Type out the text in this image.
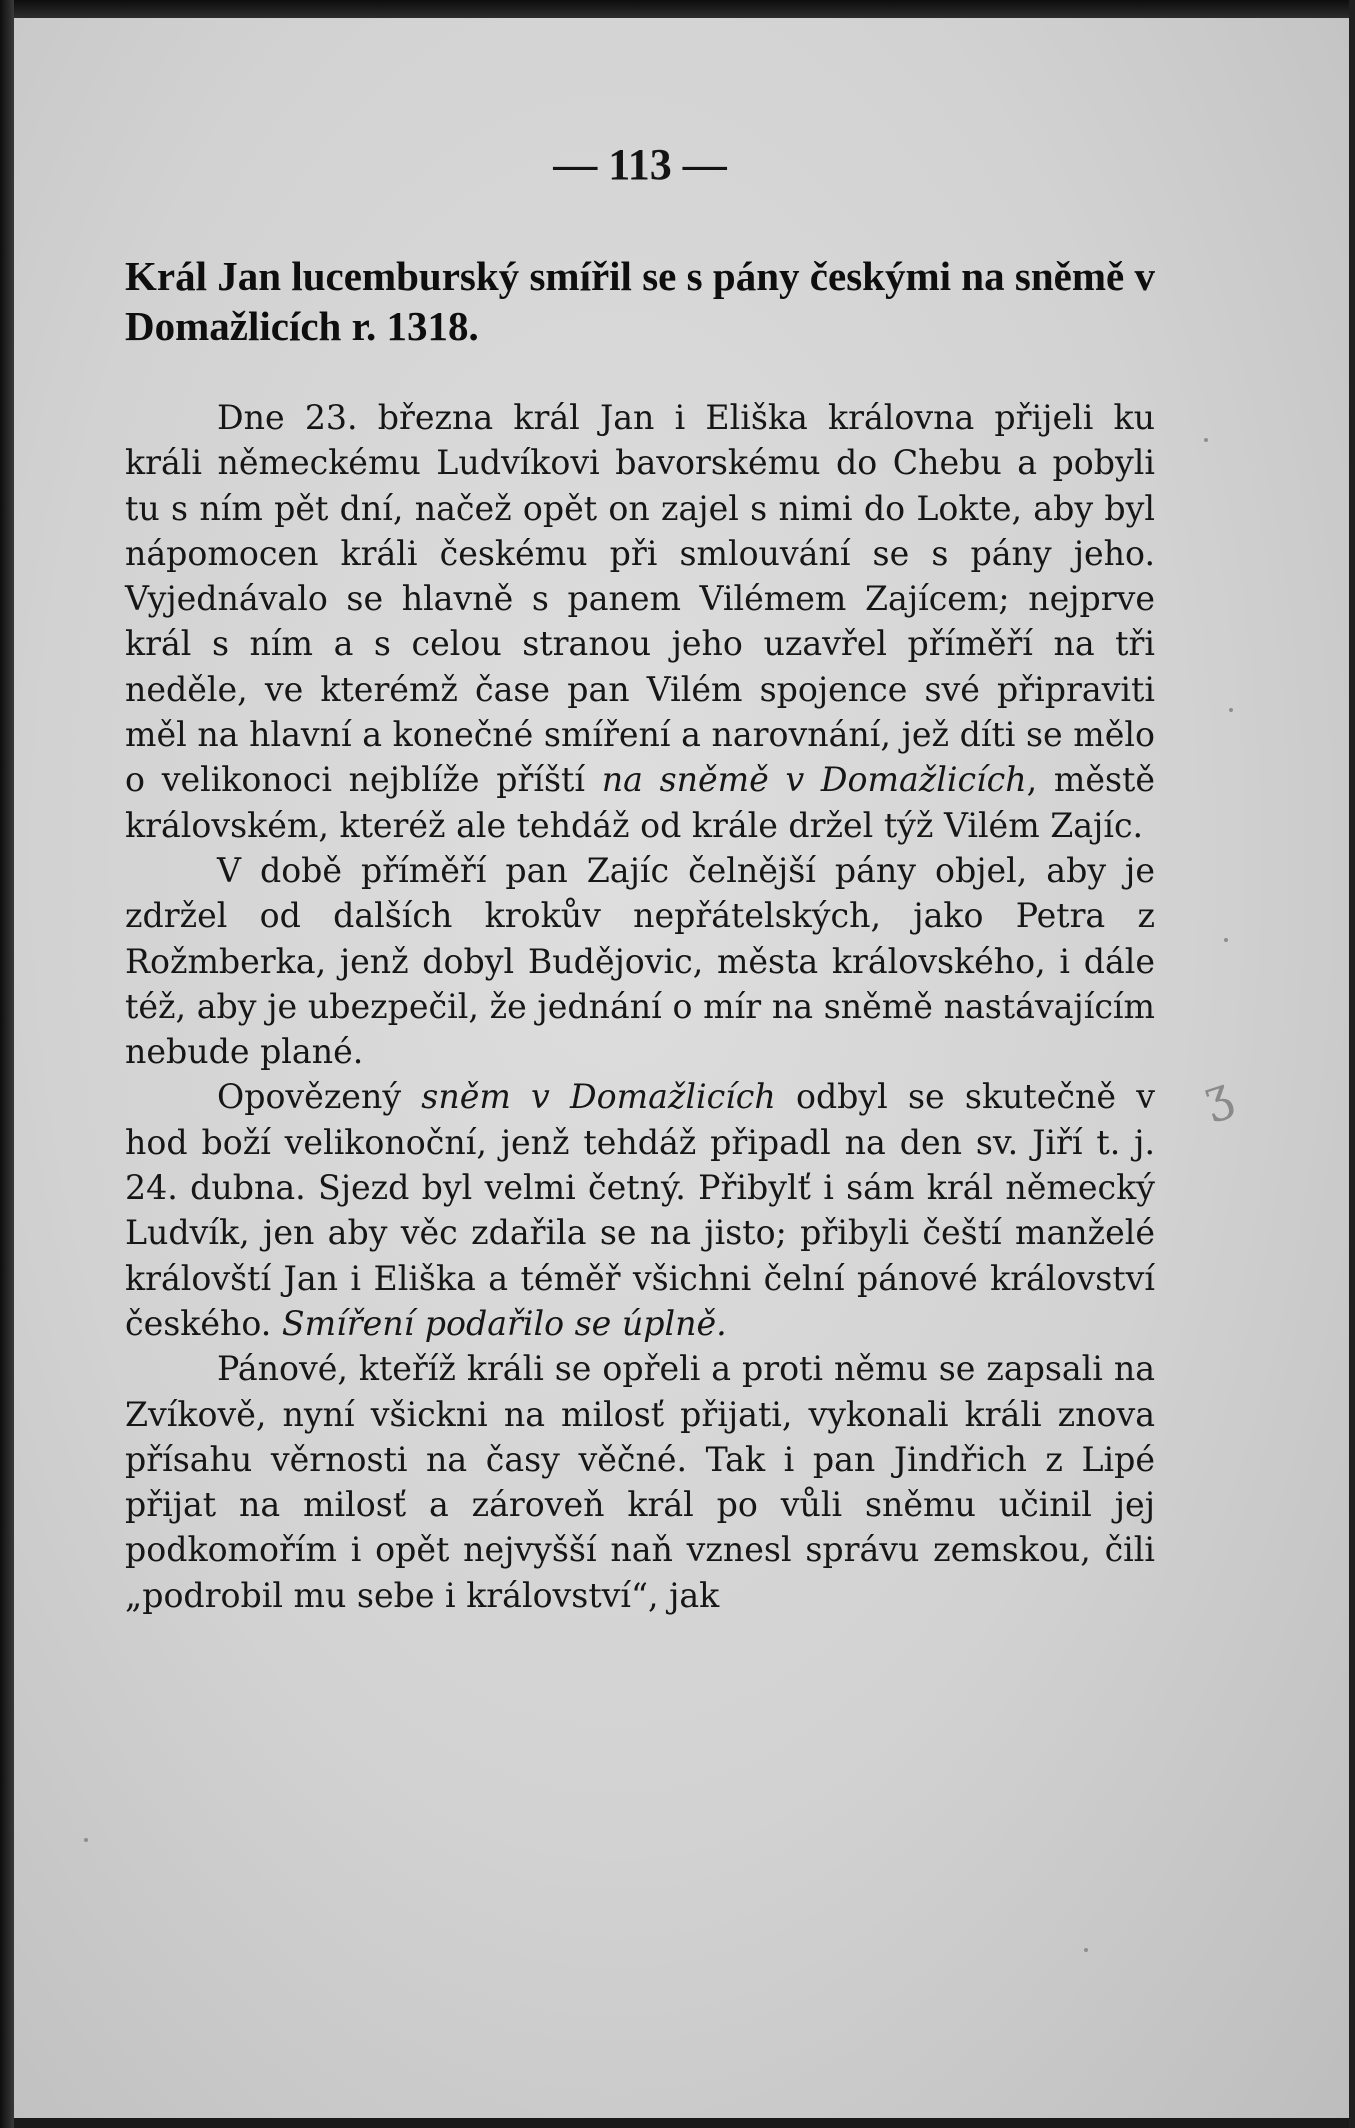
ʒ
— 113 —
Král Jan lucemburský smířil se s pány českými na sněmě v Domažlicích r. 1318.

Dne 23. března král Jan i Eliška královna přijeli ku králi německému Ludvíkovi bavorskému do Chebu a pobyli tu s ním pět dní, načež opět on zajel s nimi do Lokte, aby byl nápomocen králi českému při smlouvání se s pány jeho. Vyjednávalo se hlavně s panem Vilémem Zajícem; nejprve král s ním a s celou stranou jeho uzavřel příměří na tři neděle, ve kterémž čase pan Vilém spojence své připraviti měl na hlavní a konečné smíření a narovnání, jež díti se mělo o velikonoci nejblíže příští na sněmě v Domažlicích, městě královském, kteréž ale tehdáž od krále držel týž Vilém Zajíc.

V době příměří pan Zajíc čelnější pány objel, aby je zdržel od dalších krokův nepřátelských, jako Petra z Rožmberka, jenž dobyl Budějovic, města královského, i dále též, aby je ubezpečil, že jednání o mír na sněmě nastávajícím nebude plané.

Opovězený sněm v Domažlicích odbyl se skutečně v hod boží velikonoční, jenž tehdáž připadl na den sv. Jiří t. j. 24. dubna. Sjezd byl velmi četný. Přibylť i sám král německý Ludvík, jen aby věc zdařila se na jisto; přibyli čeští manželé královští Jan i Eliška a téměř všichni čelní pánové království českého. Smíření podařilo se úplně.

Pánové, kteříž králi se opřeli a proti němu se zapsali na Zvíkově, nyní všickni na milosť přijati, vykonali králi znova přísahu věrnosti na časy věčné. Tak i pan Jindřich z Lipé přijat na milosť a zároveň král po vůli sněmu učinil jej podkomořím i opět nejvyšší naň vznesl správu zemskou, čili „podrobil mu sebe i království“, jak
